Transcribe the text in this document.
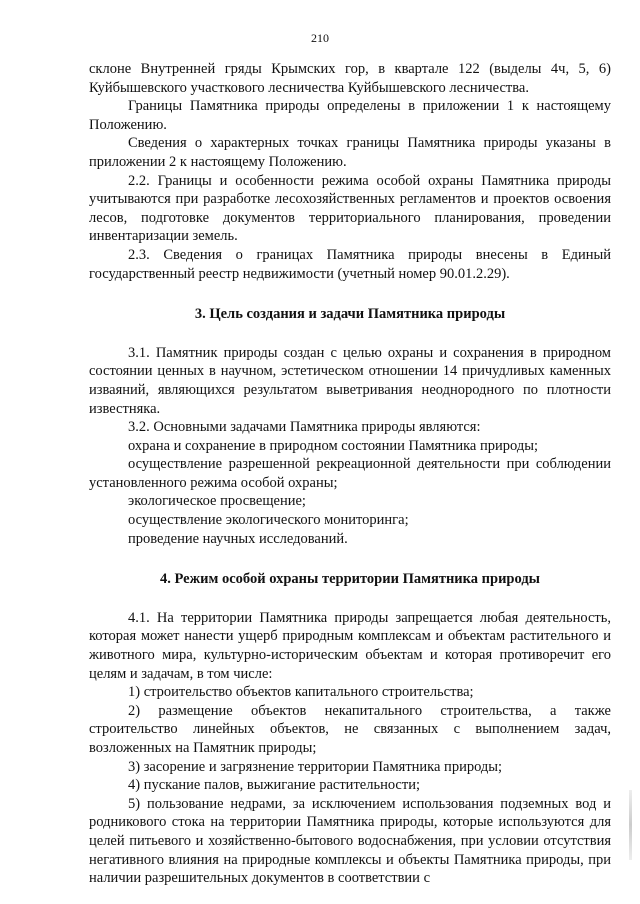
210

склоне Внутренней гряды Крымских гор, в квартале 122 (выделы 4ч, 5, 6) Куйбышевского участкового лесничества Куйбышевского лесничества.

Границы Памятника природы определены в приложении 1 к настоящему Положению.

Сведения о характерных точках границы Памятника природы указаны в приложении 2 к настоящему Положению.

2.2. Границы и особенности режима особой охраны Памятника природы учитываются при разработке лесохозяйственных регламентов и проектов освоения лесов, подготовке документов территориального планирования, проведении инвентаризации земель.

2.3. Сведения о границах Памятника природы внесены в Единый государственный реестр недвижимости (учетный номер 90.01.2.29).

3. Цель создания и задачи Памятника природы

3.1. Памятник природы создан с целью охраны и сохранения в природном состоянии ценных в научном, эстетическом отношении 14 причудливых каменных изваяний, являющихся результатом выветривания неоднородного по плотности известняка.

3.2. Основными задачами Памятника природы являются:

охрана и сохранение в природном состоянии Памятника природы;

осуществление разрешенной рекреационной деятельности при соблюдении установленного режима особой охраны;

экологическое просвещение;

осуществление экологического мониторинга;

проведение научных исследований.

4. Режим особой охраны территории Памятника природы

4.1. На территории Памятника природы запрещается любая деятельность, которая может нанести ущерб природным комплексам и объектам растительного и животного мира, культурно-историческим объектам и которая противоречит его целям и задачам, в том числе:

1) строительство объектов капитального строительства;

2) размещение объектов некапитального строительства, а также строительство линейных объектов, не связанных с выполнением задач, возложенных на Памятник природы;

3) засорение и загрязнение территории Памятника природы;

4) пускание палов, выжигание растительности;

5) пользование недрами, за исключением использования подземных вод и родникового стока на территории Памятника природы, которые используются для целей питьевого и хозяйственно-бытового водоснабжения, при условии отсутствия негативного влияния на природные комплексы и объекты Памятника природы, при наличии разрешительных документов в соответствии с
